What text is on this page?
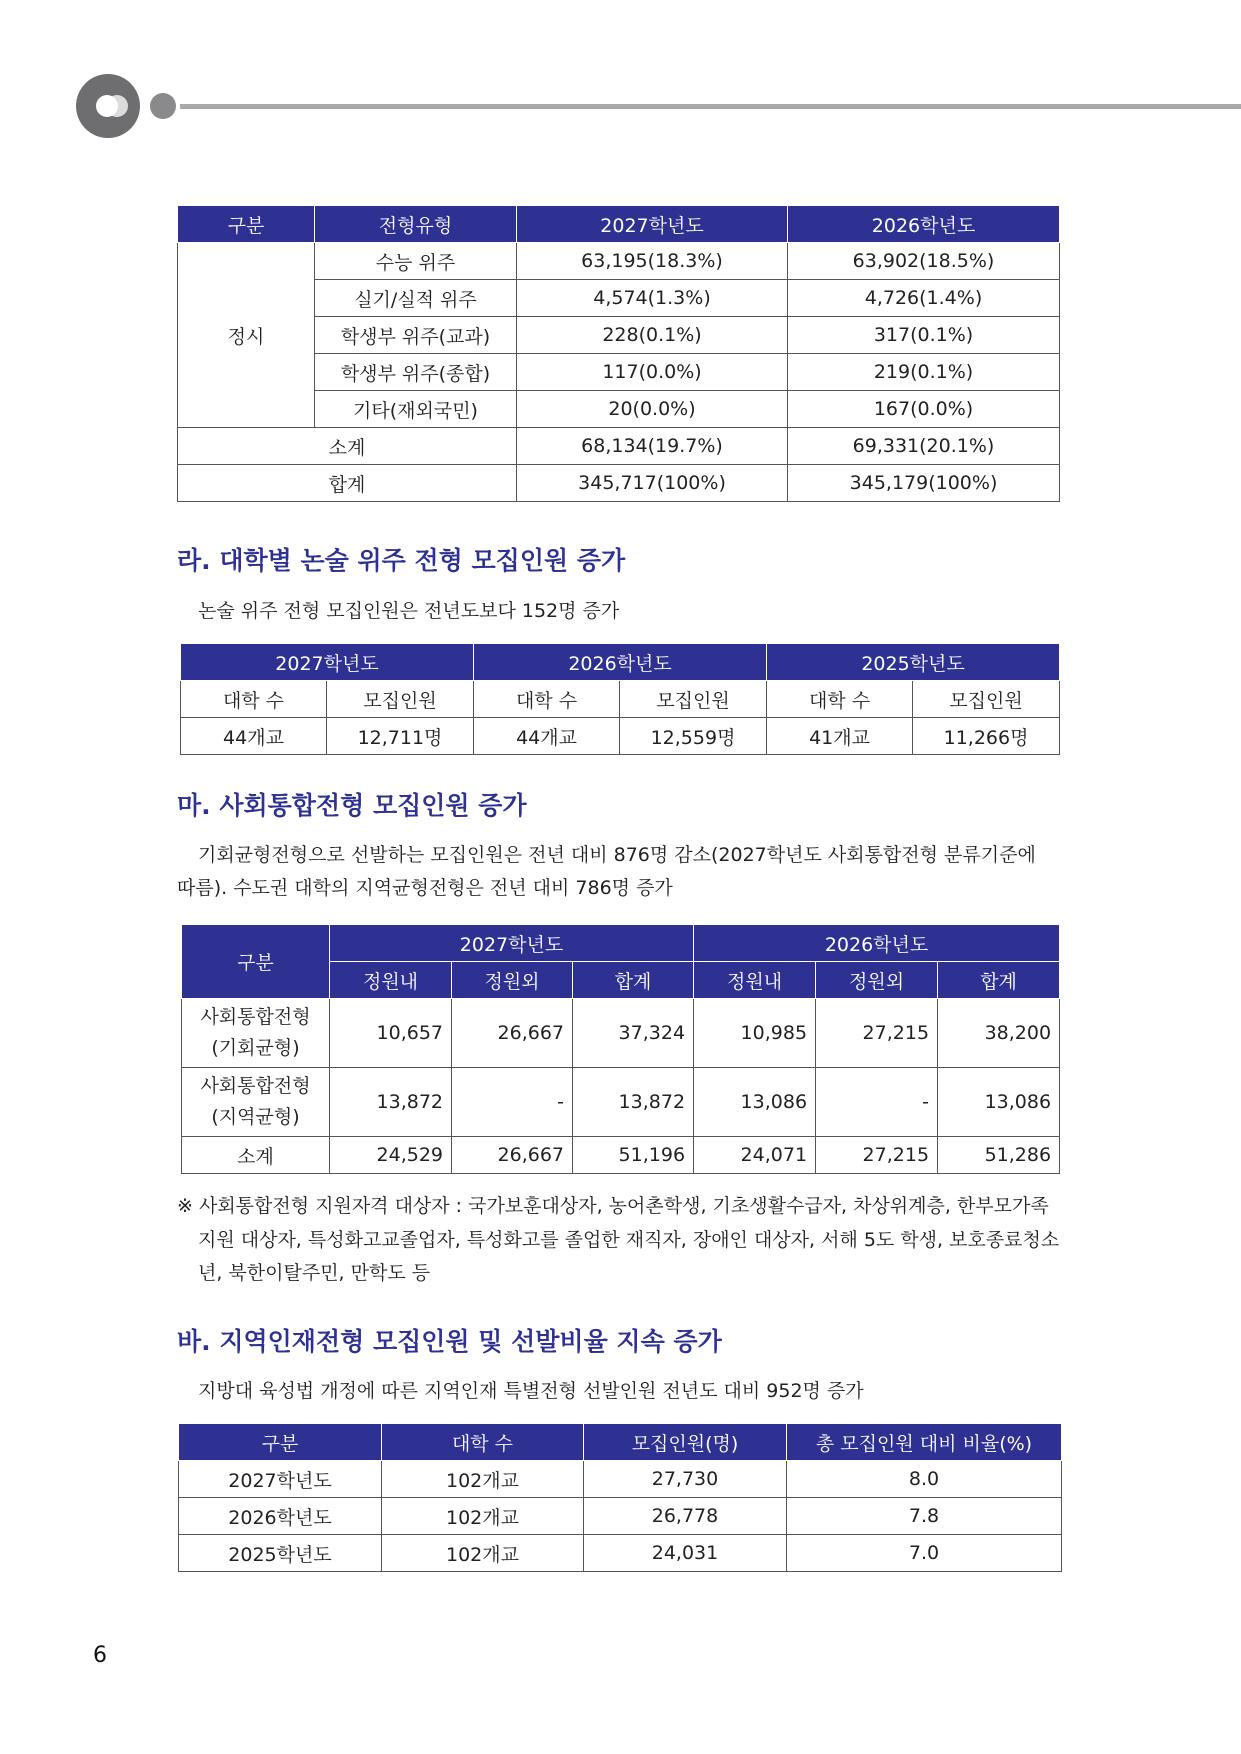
구분	전형유형	2027학년도	2026학년도
정시	수능 위주	63,195(18.3%)	63,902(18.5%)
	실기/실적 위주	4,574(1.3%)	4,726(1.4%)
	학생부 위주(교과)	228(0.1%)	317(0.1%)
	학생부 위주(종합)	117(0.0%)	219(0.1%)
	기타(재외국민)	20(0.0%)	167(0.0%)
소계		68,134(19.7%)	69,331(20.1%)
합계		345,717(100%)	345,179(100%)
라. 대학별 논술 위주 전형 모집인원 증가

논술 위주 전형 모집인원은 전년도보다 152명 증가

2027학년도		2026학년도		2025학년도	
대학 수	모집인원	대학 수	모집인원	대학 수	모집인원
44개교	12,711명	44개교	12,559명	41개교	11,266명
마. 사회통합전형 모집인원 증가

기회균형전형으로 선발하는 모집인원은 전년 대비 876명 감소(2027학년도 사회통합전형 분류기준에

따름). 수도권 대학의 지역균형전형은 전년 대비 786명 증가

구분	2027학년도			2026학년도		
	정원내	정원외	합계	정원내	정원외	합계
사회통합전형
(기회균형)	10,657	26,667	37,324	10,985	27,215	38,200
사회통합전형
(지역균형)	13,872	-	13,872	13,086	-	13,086
소계	24,529	26,667	51,196	24,071	27,215	51,286

※ 사회통합전형 지원자격 대상자 : 국가보훈대상자, 농어촌학생, 기초생활수급자, 차상위계층, 한부모가족

지원 대상자, 특성화고교졸업자, 특성화고를 졸업한 재직자, 장애인 대상자, 서해 5도 학생, 보호종료청소

년, 북한이탈주민, 만학도 등

바. 지역인재전형 모집인원 및 선발비율 지속 증가

지방대 육성법 개정에 따른 지역인재 특별전형 선발인원 전년도 대비 952명 증가

구분	대학 수	모집인원(명)	총 모집인원 대비 비율(%)
2027학년도	102개교	27,730	8.0
2026학년도	102개교	26,778	7.8
2025학년도	102개교	24,031	7.0
6
